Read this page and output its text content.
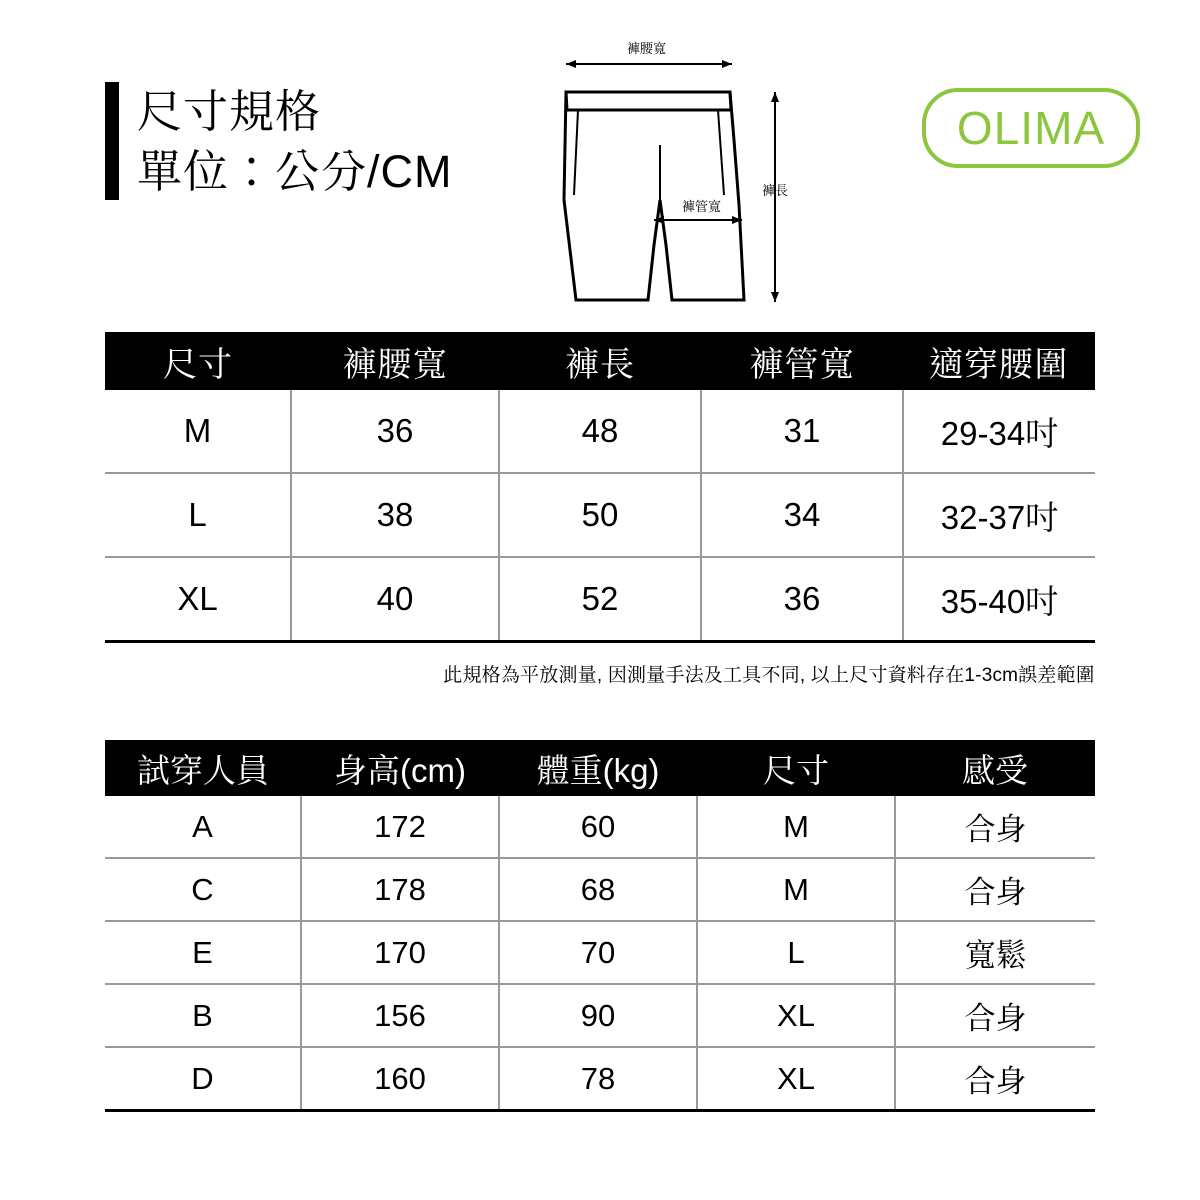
尺寸規格
單位：公分/CM
褲腰寬
褲管寬
褲長
OLIMA
尺寸	褲腰寬	褲長	褲管寬	適穿腰圍
M	36	48	31	29-34吋
L	38	50	34	32-37吋
XL	40	52	36	35-40吋
此規格為平放測量, 因測量手法及工具不同, 以上尺寸資料存在1-3cm誤差範圍
試穿人員	身高(cm)	體重(kg)	尺寸	感受
A	172	60	M	合身
C	178	68	M	合身
E	170	70	L	寬鬆
B	156	90	XL	合身
D	160	78	XL	合身
